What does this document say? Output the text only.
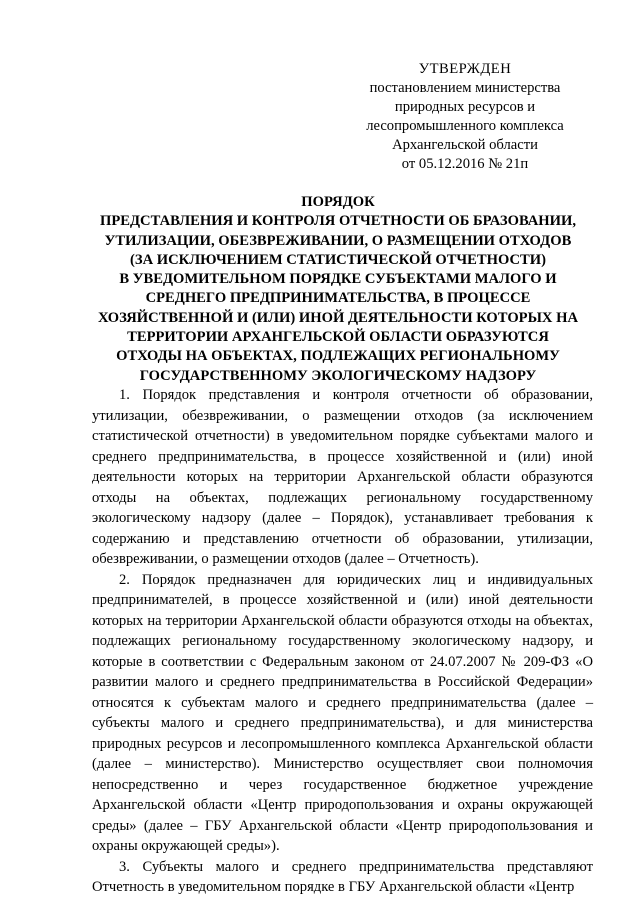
УТВЕРЖДЕН
постановлением министерства
природных ресурсов и
лесопромышленного комплекса
Архангельской области
от 05.12.2016 № 21п
ПОРЯДОК
ПРЕДСТАВЛЕНИЯ И КОНТРОЛЯ ОТЧЕТНОСТИ ОБ БРАЗОВАНИИ,
УТИЛИЗАЦИИ, ОБЕЗВРЕЖИВАНИИ, О РАЗМЕЩЕНИИ ОТХОДОВ
(ЗА ИСКЛЮЧЕНИЕМ СТАТИСТИЧЕСКОЙ ОТЧЕТНОСТИ)
В УВЕДОМИТЕЛЬНОМ ПОРЯДКЕ СУБЪЕКТАМИ МАЛОГО И
СРЕДНЕГО ПРЕДПРИНИМАТЕЛЬСТВА, В ПРОЦЕССЕ
ХОЗЯЙСТВЕННОЙ И (ИЛИ) ИНОЙ ДЕЯТЕЛЬНОСТИ КОТОРЫХ НА
ТЕРРИТОРИИ АРХАНГЕЛЬСКОЙ ОБЛАСТИ ОБРАЗУЮТСЯ
ОТХОДЫ НА ОБЪЕКТАХ, ПОДЛЕЖАЩИХ РЕГИОНАЛЬНОМУ
ГОСУДАРСТВЕННОМУ ЭКОЛОГИЧЕСКОМУ НАДЗОРУ

1. Порядок представления и контроля отчетности об образовании, утилизации, обезвреживании, о размещении отходов (за исключением статистической отчетности) в уведомительном порядке субъектами малого и среднего предпринимательства, в процессе хозяйственной и (или) иной деятельности которых на территории Архангельской области образуются отходы на объектах, подлежащих региональному государственному экологическому надзору (далее – Порядок), устанавливает требования к содержанию и представлению отчетности об образовании, утилизации, обезвреживании, о размещении отходов (далее – Отчетность).

2. Порядок предназначен для юридических лиц и индивидуальных предпринимателей, в процессе хозяйственной и (или) иной деятельности которых на территории Архангельской области образуются отходы на объектах, подлежащих региональному государственному экологическому надзору, и которые в соответствии с Федеральным законом от 24.07.2007 № 209-ФЗ «О развитии малого и среднего предпринимательства в Российской Федерации» относятся к субъектам малого и среднего предпринимательства (далее – субъекты малого и среднего предпринимательства), и для министерства природных ресурсов и лесопромышленного комплекса Архангельской области (далее – министерство). Министерство осуществляет свои полномочия непосредственно и через государственное бюджетное учреждение Архангельской области «Центр природопользования и охраны окружающей среды» (далее – ГБУ Архангельской области «Центр природопользования и охраны окружающей среды»).

3. Субъекты малого и среднего предпринимательства представляют Отчетность в уведомительном порядке в ГБУ Архангельской области «Центр
